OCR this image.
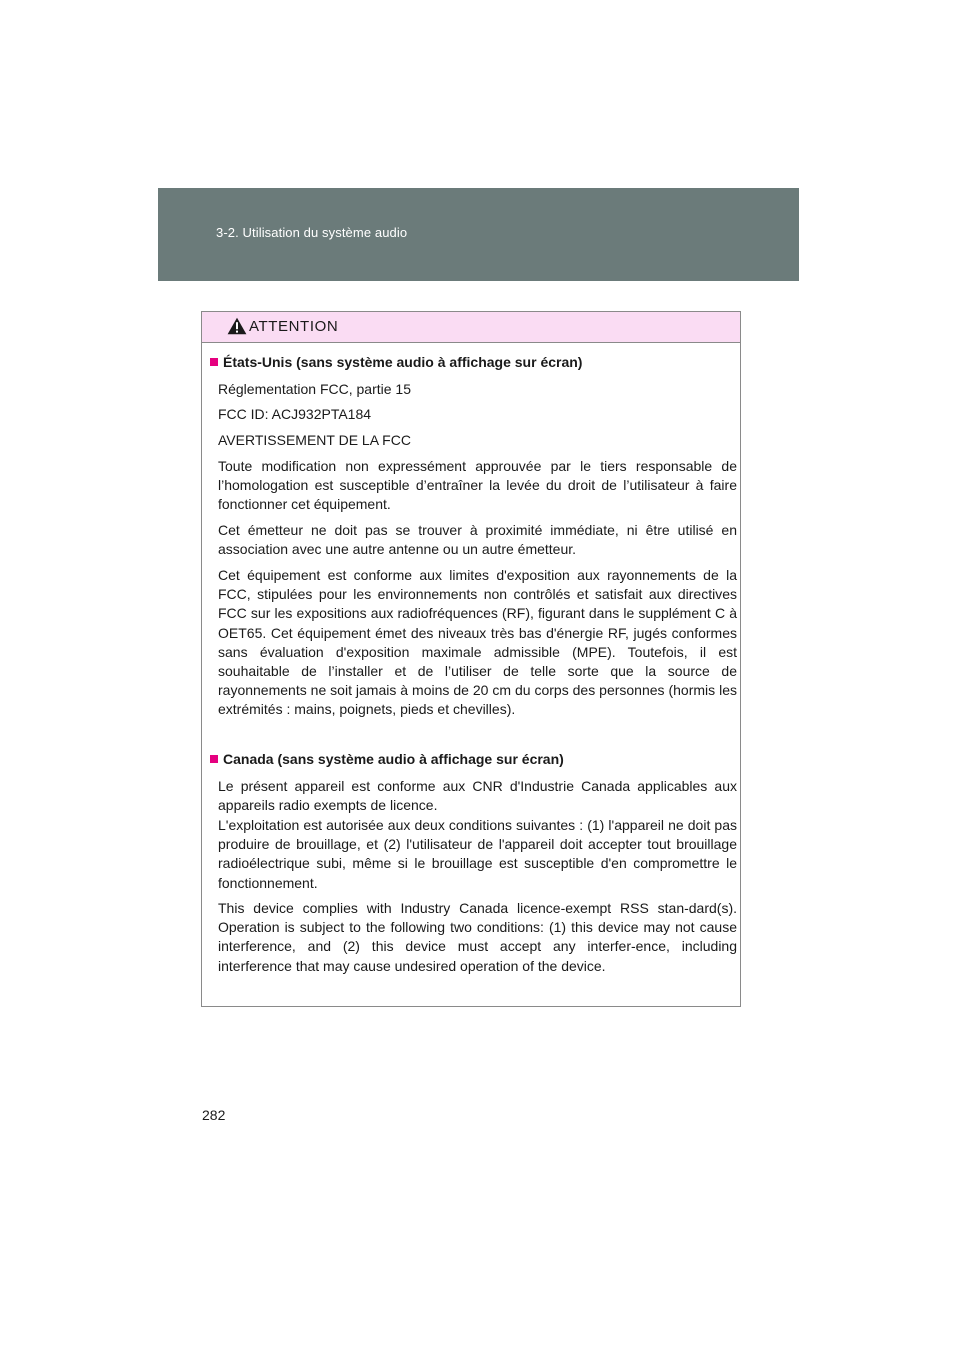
3-2. Utilisation du système audio
ATTENTION
États-Unis (sans système audio à affichage sur écran)
Réglementation FCC, partie 15
FCC ID: ACJ932PTA184
AVERTISSEMENT DE LA FCC
Toute modification non expressément approuvée par le tiers responsable de l’homologation est susceptible d’entraîner la levée du droit de l’utilisateur à faire fonctionner cet équipement.
Cet émetteur ne doit pas se trouver à proximité immédiate, ni être utilisé en association avec une autre antenne ou un autre émetteur.
Cet équipement est conforme aux limites d'exposition aux rayonnements de la FCC, stipulées pour les environnements non contrôlés et satisfait aux directives FCC sur les expositions aux radiofréquences (RF), figurant dans le supplément C à OET65. Cet équipement émet des niveaux très bas d'énergie RF, jugés conformes sans évaluation d'exposition maximale admissible (MPE). Toutefois, il est souhaitable de l’installer et de l’utiliser de telle sorte que la source de rayonnements ne soit jamais à moins de 20 cm du corps des personnes (hormis les extrémités : mains, poignets, pieds et chevilles).
Canada (sans système audio à affichage sur écran)
Le présent appareil est conforme aux CNR d'Industrie Canada applicables aux appareils radio exempts de licence.
L'exploitation est autorisée aux deux conditions suivantes : (1) l'appareil ne doit pas produire de brouillage, et (2) l'utilisateur de l'appareil doit accepter tout brouillage radioélectrique subi, même si le brouillage est susceptible d'en compromettre le fonctionnement.
This device complies with Industry Canada licence-exempt RSS stan-dard(s). Operation is subject to the following two conditions: (1) this device may not cause interference, and (2) this device must accept any interfer-ence, including interference that may cause undesired operation of the device.
282
